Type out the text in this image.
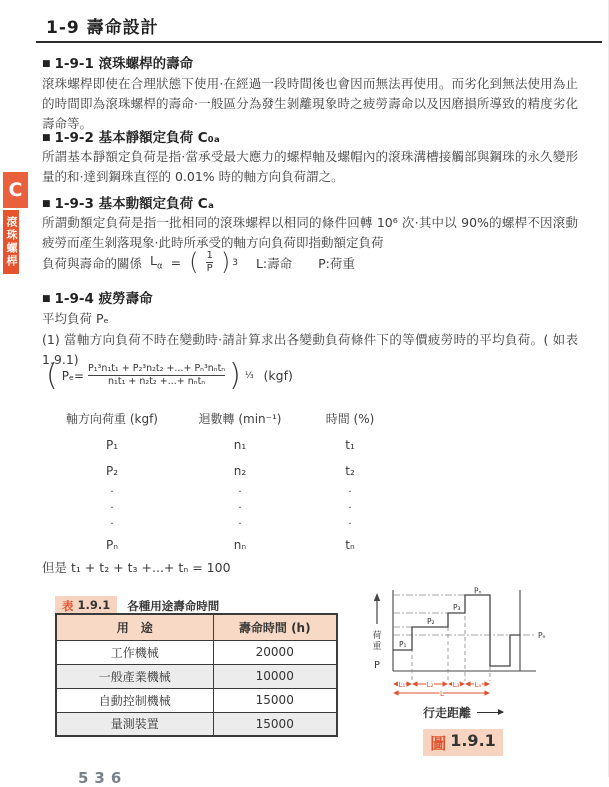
1-9 壽命設計
C
滾珠螺桿
■ 1-9-1 滾珠螺桿的壽命
滾珠螺桿即使在合理狀態下使用·在經過一段時間後也會因而無法再使用。而劣化到無法使用為止的時間即為滾珠螺桿的壽命·一般區分為發生剝離現象時之疲勞壽命以及因磨損所導致的精度劣化壽命等。
■ 1-9-2 基本靜額定負荷 C₀ₐ
所謂基本靜額定負荷是指·當承受最大應力的螺桿軸及螺帽內的滾珠溝槽接觸部與鋼珠的永久變形量的和·達到鋼珠直徑的 0.01% 時的軸方向負荷謂之。
■ 1-9-3 基本動額定負荷 Cₐ
所謂動額定負荷是指一批相同的滾珠螺桿以相同的條件回轉 10⁶ 次·其中以 90%的螺桿不因滾動疲勞而產生剝落現象·此時所承受的軸方向負荷即指動額定負荷
負荷與壽命的關係 $L_\alpha$ = ( $\frac{1}{P}$ ) 3 L:壽命 P:荷重
■ 1-9-4 疲勞壽命
平均負荷 Pₑ
(1) 當軸方向負荷不時在變動時·請計算求出各變動負荷條件下的等價疲勞時的平均負荷。( 如表 1.9.1)
( $P_e= \frac{\text{P₁³n₁t₁ + P₂³n₂t₂ +...+ Pₙ³nₙtₙ}}{\text{n₁t₁ + n₂t₂ +...+ nₙtₙ}}$ ) ⅓ (kgf)
軸方向荷重 (kgf)	迴數轉 (min⁻¹)	時間 (%)
P₁	n₁	t₁
P₂	n₂	t₂
·	·	·
·	·	·
·	·	·
Pₙ	nₙ	tₙ
但是 t₁ + t₂ + t₃ +...+ tₙ = 100
表 1.9.1 各種用途壽命時間
用　途	壽命時間 (h)
工作機械	20000
一般產業機械	10000
自動控制機械	15000
量測裝置	15000
荷
重
P
P₁
P₂
P₃
Pₙ
Pₑ
L₁	L₂	L₃ Lₙ
L
行走距離
圖 1.9.1
536
